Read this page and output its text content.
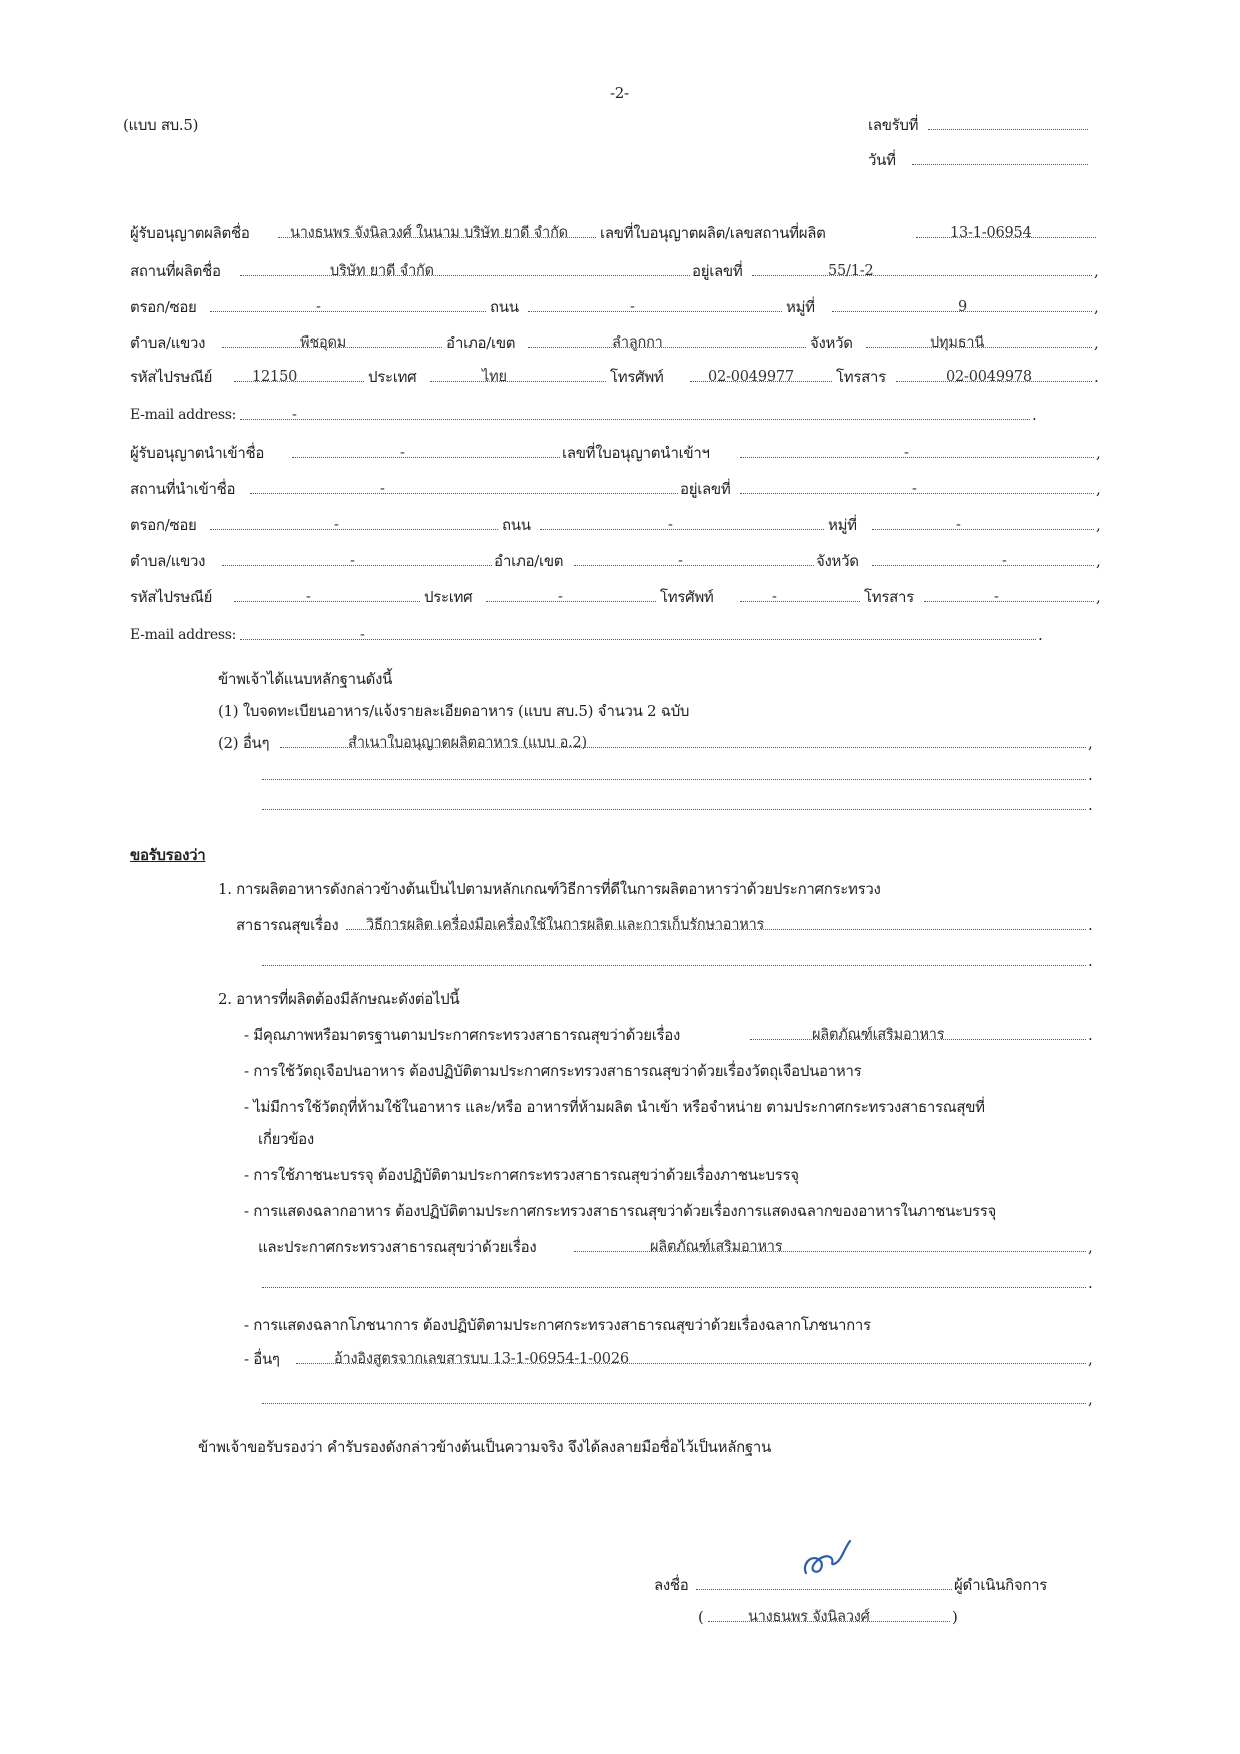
-2-
(แบบ สบ.5)	เลขรับที่
วันที่
ผู้รับอนุญาตผลิตชื่อ	นางธนพร จังนิลวงศ์ ในนาม บริษัท ยาดี จำกัด เลขที่ใบอนุญาตผลิต/เลขสถานที่ผลิต	13-1-06954
สถานที่ผลิตชื่อ	บริษัท ยาดี จำกัด	อยู่เลขที่	55/1-2	,
ตรอก/ซอย	-	ถนน	-	หมู่ที่	9	,
ตำบล/แขวง	พืชอุดม	อำเภอ/เขต	ลำลูกกา	จังหวัด	ปทุมธานี	,
รหัสไปรษณีย์	12150	ประเทศ	ไทย	โทรศัพท์	02-0049977	โทรสาร	02-0049978	.
E-mail address:	-	.
ผู้รับอนุญาตนำเข้าชื่อ	-	เลขที่ใบอนุญาตนำเข้าฯ	-	,
สถานที่นำเข้าชื่อ	-	อยู่เลขที่	-	,
ตรอก/ซอย	-	ถนน	-	หมู่ที่	-	,
ตำบล/แขวง	-	อำเภอ/เขต	-	จังหวัด	-	,
รหัสไปรษณีย์	-	ประเทศ	-	โทรศัพท์	-	โทรสาร	-	,
E-mail address:	-	.
ข้าพเจ้าได้แนบหลักฐานดังนี้
(1) ใบจดทะเบียนอาหาร/แจ้งรายละเอียดอาหาร (แบบ สบ.5) จำนวน 2 ฉบับ
(2) อื่นๆ	สำเนาใบอนุญาตผลิตอาหาร (แบบ อ.2)	,
.
.
ขอรับรองว่า
1. การผลิตอาหารดังกล่าวข้างต้นเป็นไปตามหลักเกณฑ์วิธีการที่ดีในการผลิตอาหารว่าด้วยประกาศกระทรวง
สาธารณสุขเรื่อง วิธีการผลิต เครื่องมือเครื่องใช้ในการผลิต และการเก็บรักษาอาหาร	.
.
2. อาหารที่ผลิตต้องมีลักษณะดังต่อไปนี้
- มีคุณภาพหรือมาตรฐานตามประกาศกระทรวงสาธารณสุขว่าด้วยเรื่อง	ผลิตภัณฑ์เสริมอาหาร	.
- การใช้วัตถุเจือปนอาหาร ต้องปฏิบัติตามประกาศกระทรวงสาธารณสุขว่าด้วยเรื่องวัตถุเจือปนอาหาร
- ไม่มีการใช้วัตถุที่ห้ามใช้ในอาหาร และ/หรือ อาหารที่ห้ามผลิต นำเข้า หรือจำหน่าย ตามประกาศกระทรวงสาธารณสุขที่
เกี่ยวข้อง
- การใช้ภาชนะบรรจุ ต้องปฏิบัติตามประกาศกระทรวงสาธารณสุขว่าด้วยเรื่องภาชนะบรรจุ
- การแสดงฉลากอาหาร ต้องปฏิบัติตามประกาศกระทรวงสาธารณสุขว่าด้วยเรื่องการแสดงฉลากของอาหารในภาชนะบรรจุ
และประกาศกระทรวงสาธารณสุขว่าด้วยเรื่อง	ผลิตภัณฑ์เสริมอาหาร	,
.
- การแสดงฉลากโภชนาการ ต้องปฏิบัติตามประกาศกระทรวงสาธารณสุขว่าด้วยเรื่องฉลากโภชนาการ
- อื่นๆ	อ้างอิงสูตรจากเลขสารบบ 13-1-06954-1-0026	,
,
ข้าพเจ้าขอรับรองว่า คำรับรองดังกล่าวข้างต้นเป็นความจริง จึงได้ลงลายมือชื่อไว้เป็นหลักฐาน
ลงชื่อ	ผู้ดำเนินกิจการ
(	นางธนพร จังนิลวงศ์	)
